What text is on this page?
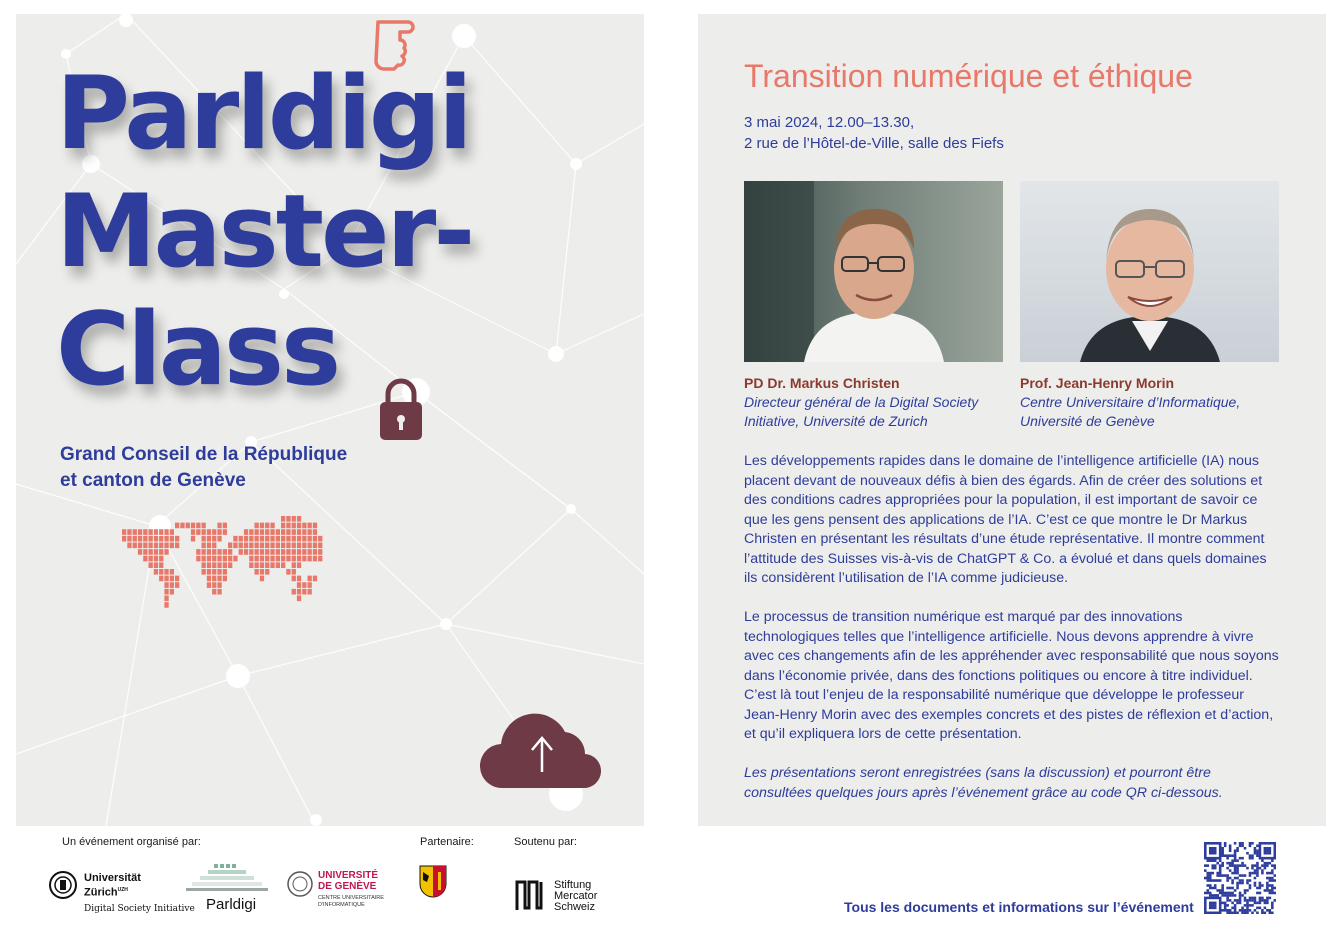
Parldigi
Master-
Class
Grand Conseil de la République
et canton de Genève
Transition numérique et éthique
3 mai 2024, 12.00–13.30,
2 rue de l’Hôtel-de-Ville, salle des Fiefs
PD Dr. Markus Christen
Directeur général de la Digital Society
Initiative, Université de Zurich
Prof. Jean-Henry Morin
Centre Universitaire d’Informatique,
Université de Genève

Les développements rapides dans le domaine de l’intelligence artificielle (IA) nous placent devant de nouveaux défis à bien des égards. Afin de créer des solutions et des conditions cadres appropriées pour la population, il est important de savoir ce que les gens pensent des applications de l’IA. C’est ce que montre le Dr Markus Christen en présentant les résultats d’une étude représentative. Il montre comment l’attitude des Suisses vis-à-vis de ChatGPT & Co. a évolué et dans quels domaines ils considèrent l’utilisation de l’IA comme judicieuse.

Le processus de transition numérique est marqué par des innovations technologiques telles que l’intelligence artificielle. Nous devons apprendre à vivre avec ces changements afin de les appréhender avec responsabilité que nous soyons dans l’économie privée, dans des fonctions politiques ou encore à titre individuel. C’est là tout l’enjeu de la responsabilité numérique que développe le professeur Jean-Henry Morin avec des exemples concrets et des pistes de réflexion et d’action, et qu’il expliquera lors de cette présentation.

Les présentations seront enregistrées (sans la discussion) et pourront être consultées quelques jours après l’événement grâce au code QR ci-dessous.

Un événement organisé par:	Partenaire:	Soutenu par:
Universität
Zürich$^{UZH}$
Digital Society Initiative Parldigi
UNIVERSITÉ
DE GENÈVE
CENTRE UNIVERSITAIRE
D'INFORMATIQUE

Stiftung
Mercator
Schweiz	Tous les documents et informations sur l’événement
